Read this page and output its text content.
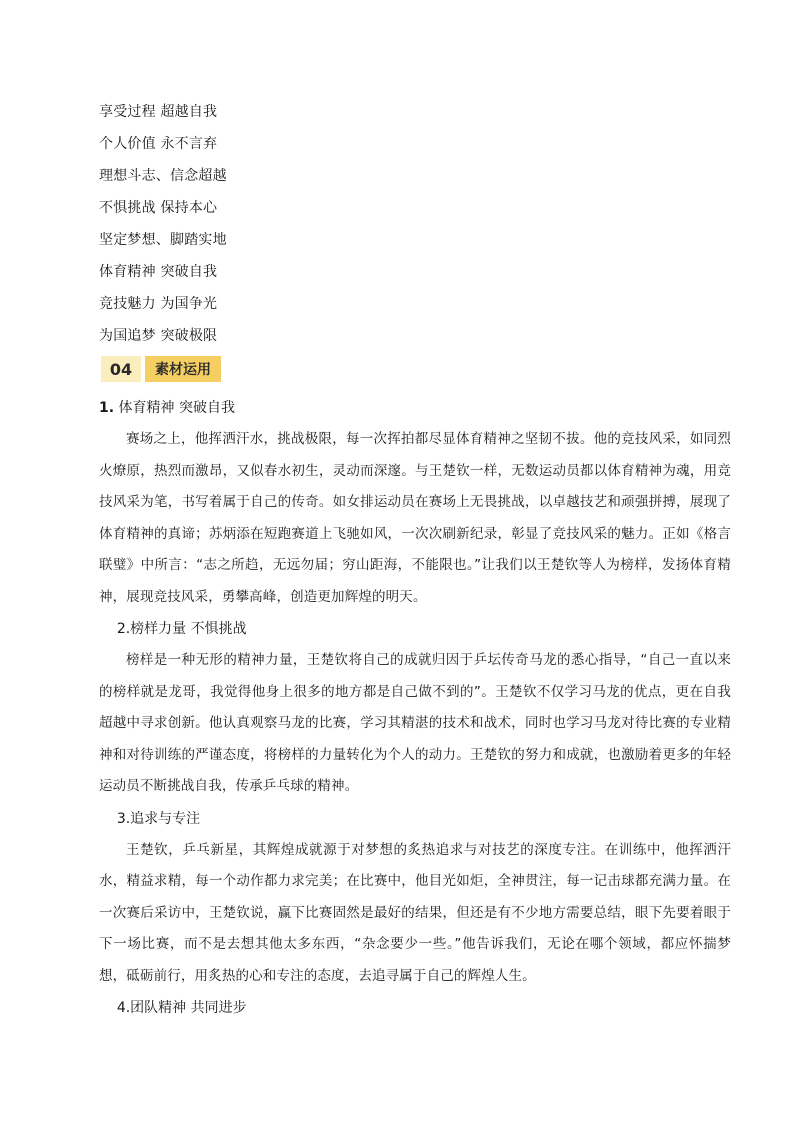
享受过程 超越自我
个人价值 永不言弃
理想斗志、信念超越
不惧挑战 保持本心
坚定梦想、脚踏实地
体育精神 突破自我
竞技魅力 为国争光
为国追梦 突破极限
04	素材运用
1. 体育精神 突破自我

赛场之上，他挥洒汗水，挑战极限，每一次挥拍都尽显体育精神之坚韧不拔。他的竞技风采，如同烈火燎原，热烈而激昂，又似春水初生，灵动而深邃。与王楚钦一样，无数运动员都以体育精神为魂，用竞技风采为笔，书写着属于自己的传奇。如女排运动员在赛场上无畏挑战，以卓越技艺和顽强拼搏，展现了体育精神的真谛；苏炳添在短跑赛道上飞驰如风，一次次刷新纪录，彰显了竞技风采的魅力。正如《格言联璧》中所言：“志之所趋，无远勿届；穷山距海，不能限也。”让我们以王楚钦等人为榜样，发扬体育精神，展现竞技风采，勇攀高峰，创造更加辉煌的明天。

2.榜样力量 不惧挑战

榜样是一种无形的精神力量，王楚钦将自己的成就归因于乒坛传奇马龙的悉心指导，“自己一直以来的榜样就是龙哥，我觉得他身上很多的地方都是自己做不到的”。王楚钦不仅学习马龙的优点，更在自我超越中寻求创新。他认真观察马龙的比赛，学习其精湛的技术和战术，同时也学习马龙对待比赛的专业精神和对待训练的严谨态度，将榜样的力量转化为个人的动力。王楚钦的努力和成就，也激励着更多的年轻运动员不断挑战自我，传承乒乓球的精神。

3.追求与专注

王楚钦，乒乓新星，其辉煌成就源于对梦想的炙热追求与对技艺的深度专注。在训练中，他挥洒汗水，精益求精，每一个动作都力求完美；在比赛中，他目光如炬，全神贯注，每一记击球都充满力量。在一次赛后采访中，王楚钦说，赢下比赛固然是最好的结果，但还是有不少地方需要总结，眼下先要着眼于下一场比赛，而不是去想其他太多东西，“杂念要少一些。”他告诉我们，无论在哪个领域，都应怀揣梦想，砥砺前行，用炙热的心和专注的态度，去追寻属于自己的辉煌人生。

4.团队精神 共同进步
